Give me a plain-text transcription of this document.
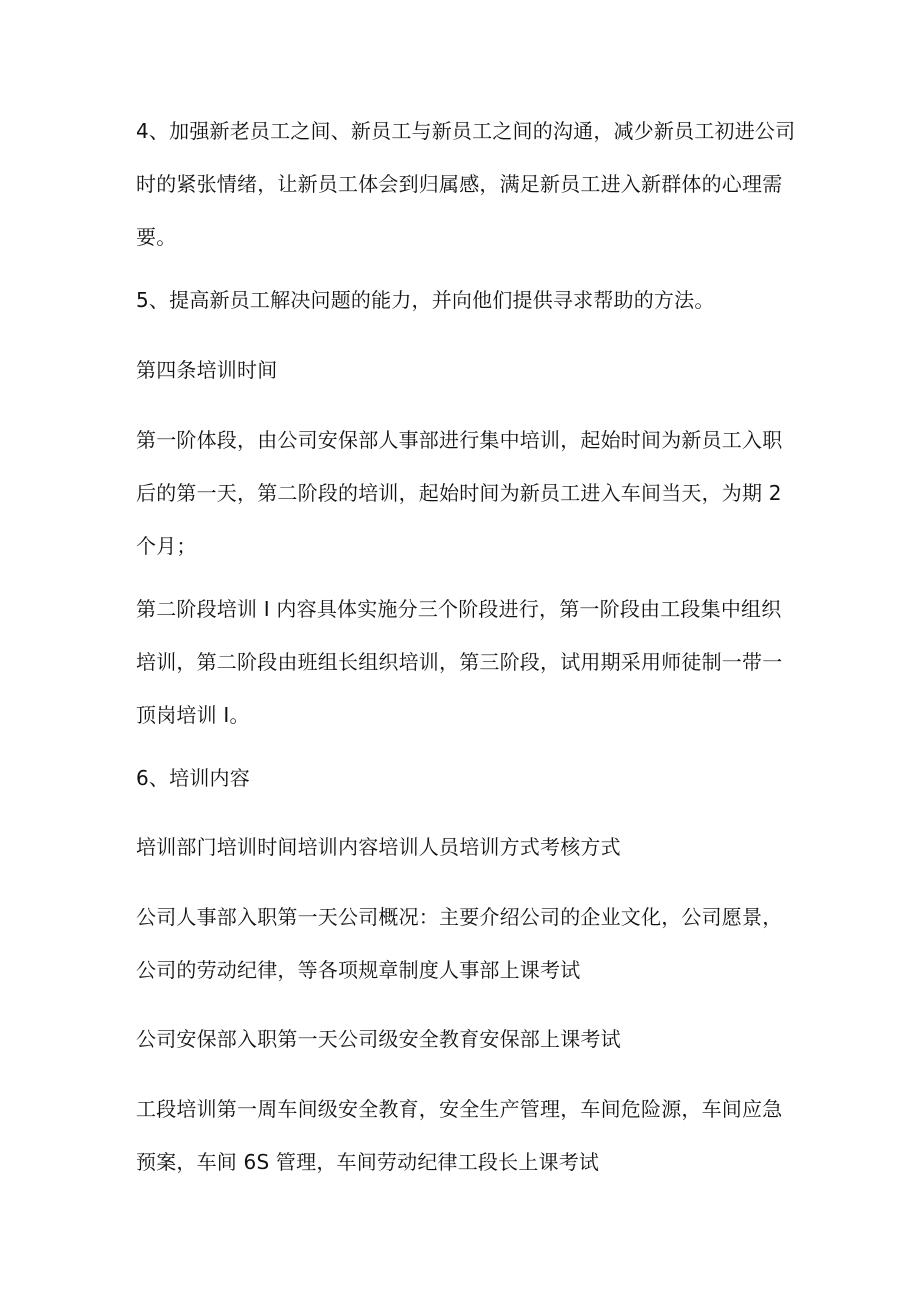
4、加强新老员工之间、新员工与新员工之间的沟通，减少新员工初进公司
时的紧张情绪，让新员工体会到归属感，满足新员工进入新群体的心理需
要。

5、提高新员工解决问题的能力，并向他们提供寻求帮助的方法。

第四条培训时间

第一阶体段，由公司安保部人事部进行集中培训，起始时间为新员工入职
后的第一天，第二阶段的培训，起始时间为新员工进入车间当天，为期 2
个月；

第二阶段培训 I 内容具体实施分三个阶段进行，第一阶段由工段集中组织
培训，第二阶段由班组长组织培训，第三阶段，试用期采用师徒制一带一
顶岗培训 I。

6、培训内容

培训部门培训时间培训内容培训人员培训方式考核方式

公司人事部入职第一天公司概况：主要介绍公司的企业文化，公司愿景，
公司的劳动纪律，等各项规章制度人事部上课考试

公司安保部入职第一天公司级安全教育安保部上课考试

工段培训第一周车间级安全教育，安全生产管理，车间危险源，车间应急
预案，车间 6S 管理，车间劳动纪律工段长上课考试
